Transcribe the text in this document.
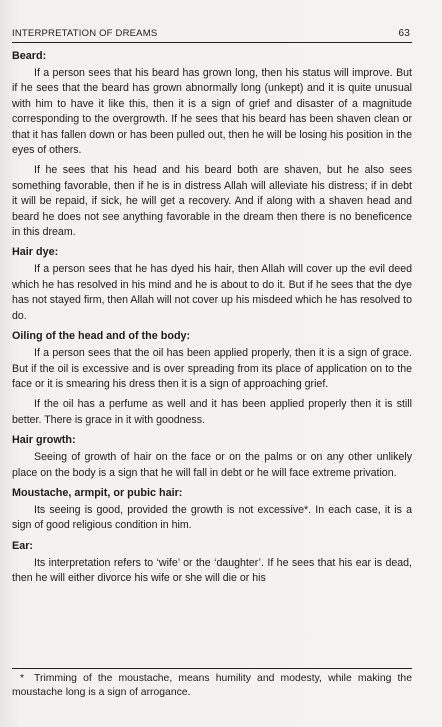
INTERPRETATION OF DREAMS	63
Beard:

If a person sees that his beard has grown long, then his status will improve. But if he sees that the beard has grown abnormally long (unkept) and it is quite unusual with him to have it like this, then it is a sign of grief and disaster of a magnitude corresponding to the overgrowth. If he sees that his beard has been shaven clean or that it has fallen down or has been pulled out, then he will be losing his position in the eyes of others.

If he sees that his head and his beard both are shaven, but he also sees something favorable, then if he is in distress Allah will alleviate his distress; if in debt it will be repaid, if sick, he will get a recovery. And if along with a shaven head and beard he does not see anything favorable in the dream then there is no beneficence in this dream.

Hair dye:

If a person sees that he has dyed his hair, then Allah will cover up the evil deed which he has resolved in his mind and he is about to do it. But if he sees that the dye has not stayed firm, then Allah will not cover up his misdeed which he has resolved to do.

Oiling of the head and of the body:

If a person sees that the oil has been applied properly, then it is a sign of grace. But if the oil is excessive and is over spreading from its place of application on to the face or it is smearing his dress then it is a sign of approaching grief.

If the oil has a perfume as well and it has been applied properly then it is still better. There is grace in it with goodness.

Hair growth:

Seeing of growth of hair on the face or on the palms or on any other unlikely place on the body is a sign that he will fall in debt or he will face extreme privation.

Moustache, armpit, or pubic hair:

Its seeing is good, provided the growth is not excessive*. In each case, it is a sign of good religious condition in him.

Ear:

Its interpretation refers to ‘wife’ or the ‘daughter’. If he sees that his ear is dead, then he will either divorce his wife or she will die or his

* Trimming of the moustache, means humility and modesty, while making the moustache long is a sign of arrogance.
